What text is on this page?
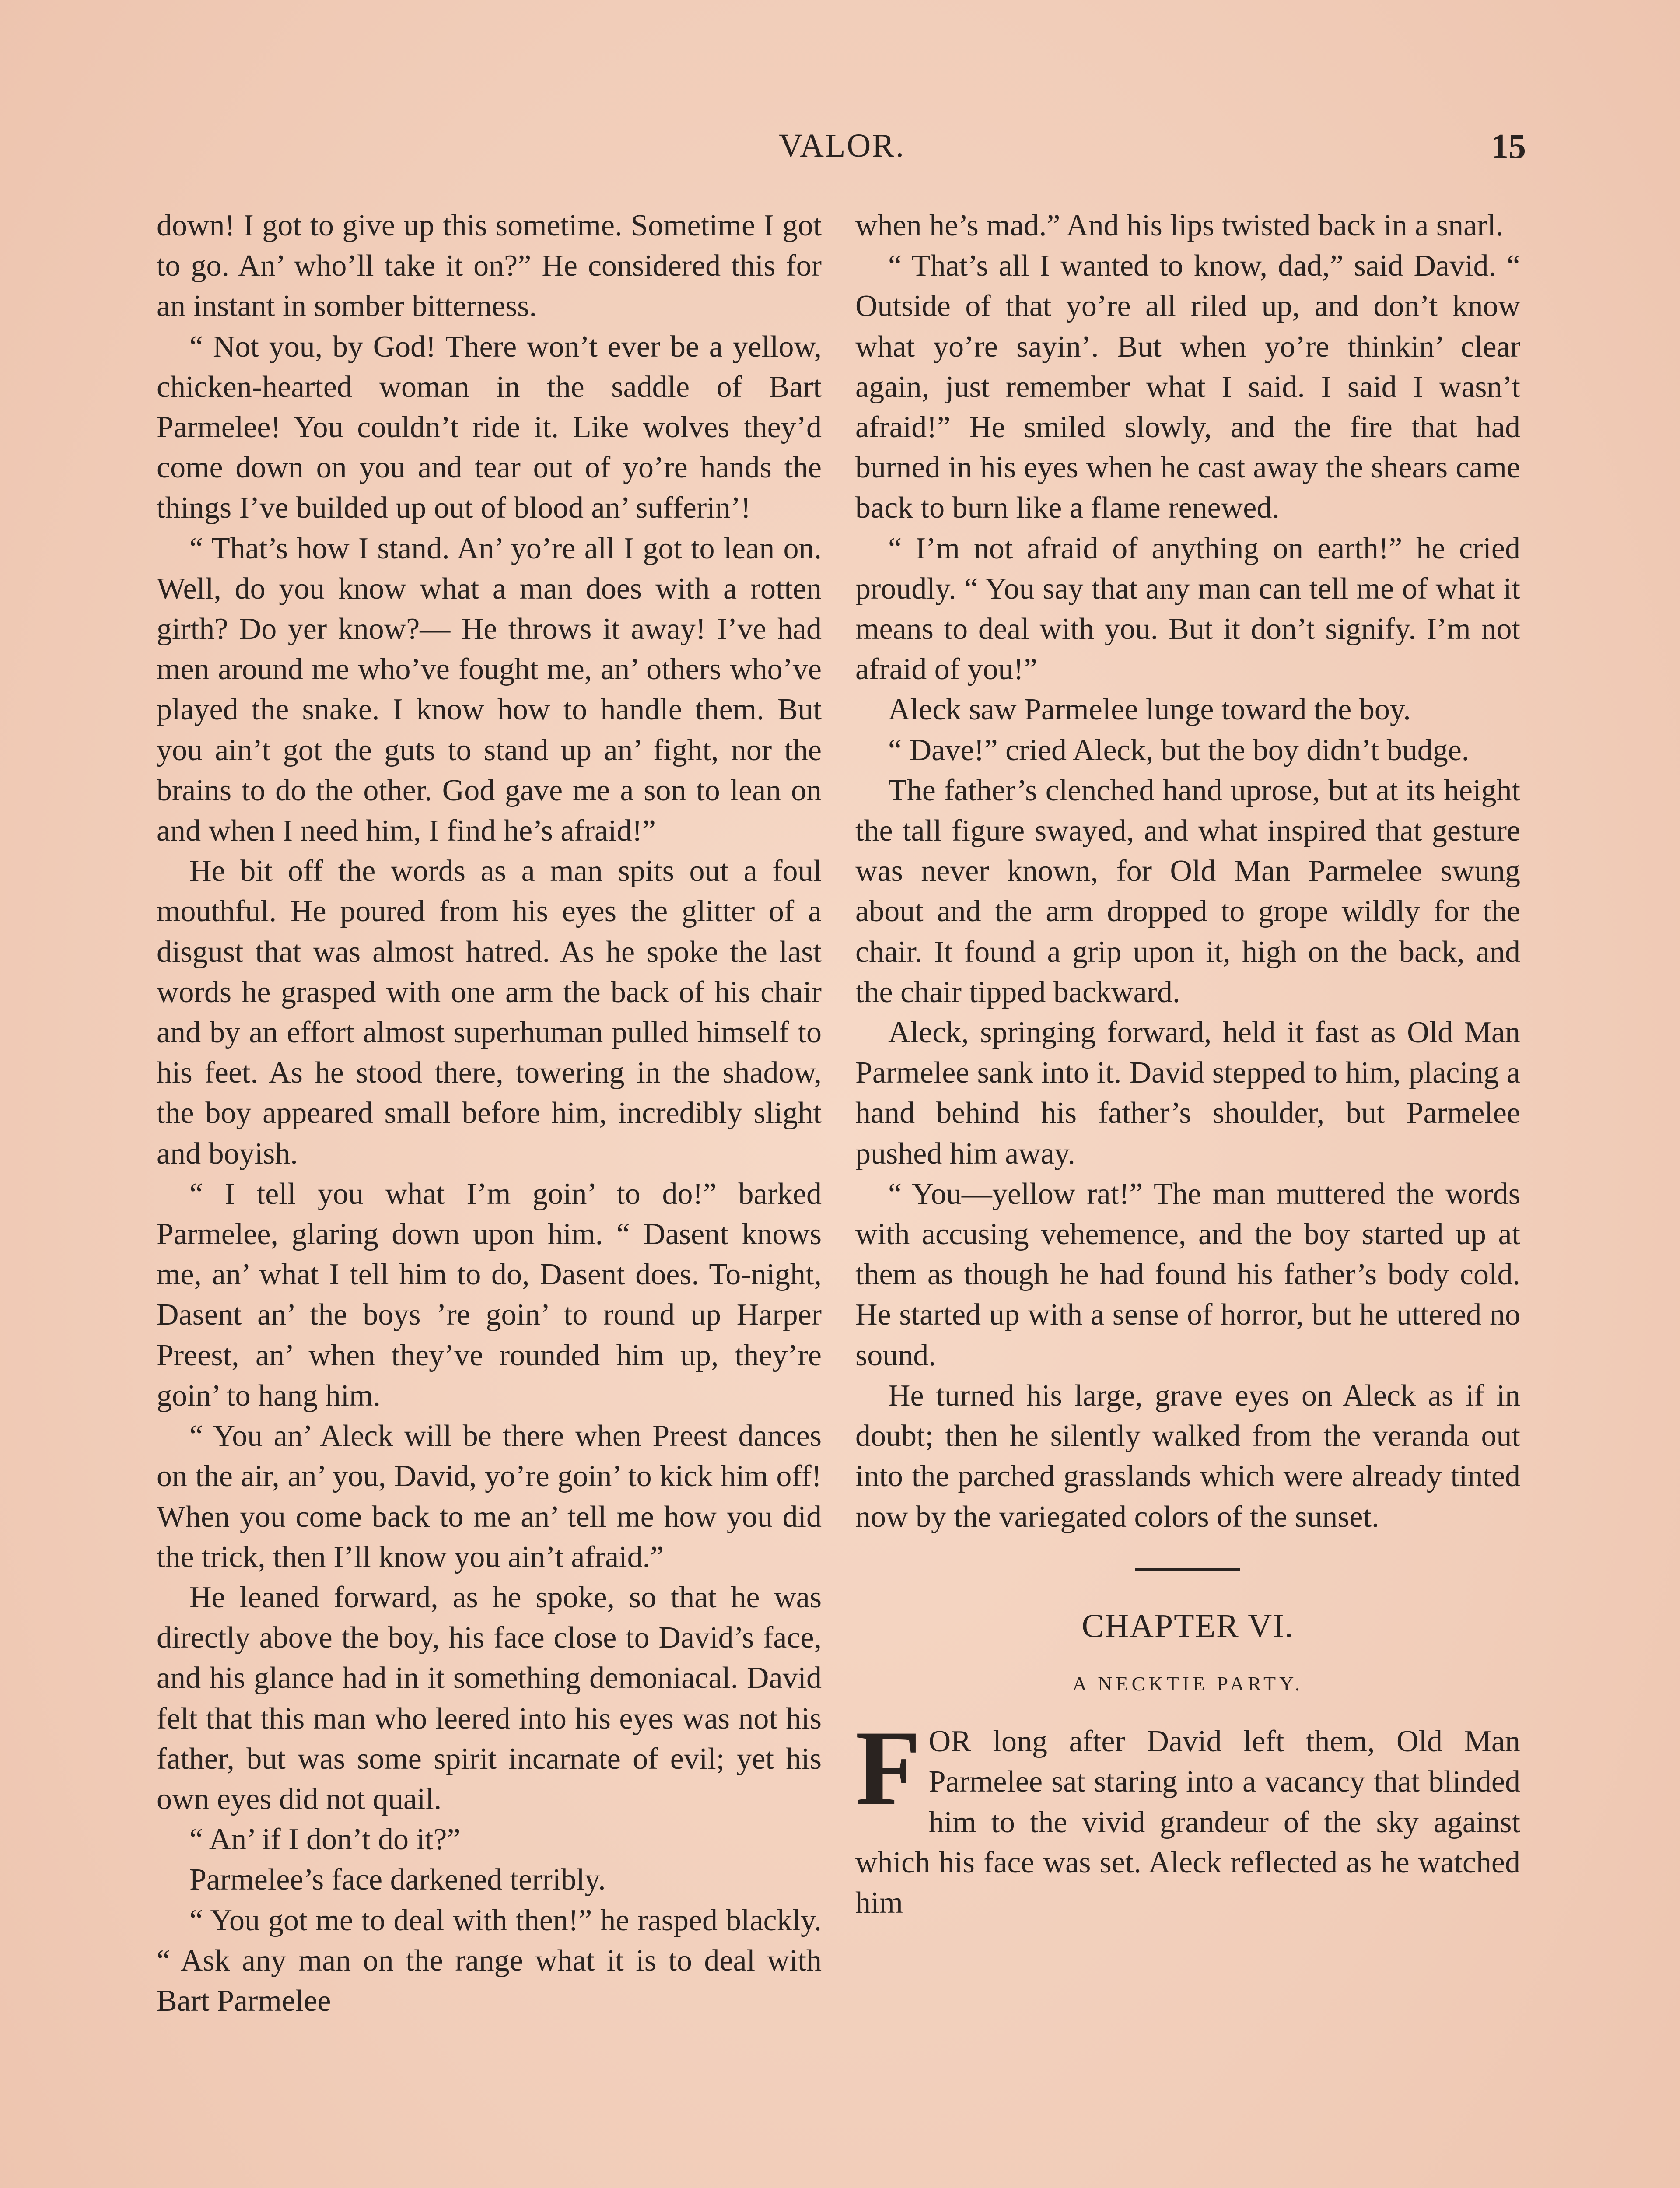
VALOR.	15

down! I got to give up this sometime. Sometime I got to go. An’ who’ll take it on?” He considered this for an instant in somber bitterness.

“ Not you, by God! There won’t ever be a yellow, chicken-hearted woman in the saddle of Bart Parmelee! You couldn’t ride it. Like wolves they’d come down on you and tear out of yo’re hands the things I’ve builded up out of blood an’ sufferin’!

“ That’s how I stand. An’ yo’re all I got to lean on. Well, do you know what a man does with a rotten girth? Do yer know?— He throws it away! I’ve had men around me who’ve fought me, an’ others who’ve played the snake. I know how to handle them. But you ain’t got the guts to stand up an’ fight, nor the brains to do the other. God gave me a son to lean on and when I need him, I find he’s afraid!”

He bit off the words as a man spits out a foul mouthful. He poured from his eyes the glitter of a disgust that was almost hatred. As he spoke the last words he grasped with one arm the back of his chair and by an effort almost superhuman pulled himself to his feet. As he stood there, towering in the shadow, the boy appeared small before him, incredibly slight and boyish.

“ I tell you what I’m goin’ to do!” barked Parmelee, glaring down upon him. “ Dasent knows me, an’ what I tell him to do, Dasent does. To-night, Dasent an’ the boys ’re goin’ to round up Harper Preest, an’ when they’ve rounded him up, they’re goin’ to hang him.

“ You an’ Aleck will be there when Preest dances on the air, an’ you, David, yo’re goin’ to kick him off! When you come back to me an’ tell me how you did the trick, then I’ll know you ain’t afraid.”

He leaned forward, as he spoke, so that he was directly above the boy, his face close to David’s face, and his glance had in it something demoniacal. David felt that this man who leered into his eyes was not his father, but was some spirit incarnate of evil; yet his own eyes did not quail.

“ An’ if I don’t do it?”

Parmelee’s face darkened terribly.

“ You got me to deal with then!” he rasped blackly. “ Ask any man on the range what it is to deal with Bart Parmelee

when he’s mad.” And his lips twisted back in a snarl.

“ That’s all I wanted to know, dad,” said David. “ Outside of that yo’re all riled up, and don’t know what yo’re sayin’. But when yo’re thinkin’ clear again, just remember what I said. I said I wasn’t afraid!” He smiled slowly, and the fire that had burned in his eyes when he cast away the shears came back to burn like a flame renewed.

“ I’m not afraid of anything on earth!” he cried proudly. “ You say that any man can tell me of what it means to deal with you. But it don’t signify. I’m not afraid of you!”

Aleck saw Parmelee lunge toward the boy.

“ Dave!” cried Aleck, but the boy didn’t budge.

The father’s clenched hand uprose, but at its height the tall figure swayed, and what inspired that gesture was never known, for Old Man Parmelee swung about and the arm dropped to grope wildly for the chair. It found a grip upon it, high on the back, and the chair tipped backward.

Aleck, springing forward, held it fast as Old Man Parmelee sank into it. David stepped to him, placing a hand behind his father’s shoulder, but Parmelee pushed him away.

“ You—yellow rat!” The man muttered the words with accusing vehemence, and the boy started up at them as though he had found his father’s body cold. He started up with a sense of horror, but he uttered no sound.

He turned his large, grave eyes on Aleck as if in doubt; then he silently walked from the veranda out into the parched grasslands which were already tinted now by the variegated colors of the sunset.

CHAPTER VI.
A NECKTIE PARTY.

FOR long after David left them, Old Man Parmelee sat staring into a vacancy that blinded him to the vivid grandeur of the sky against which his face was set. Aleck reflected as he watched him
